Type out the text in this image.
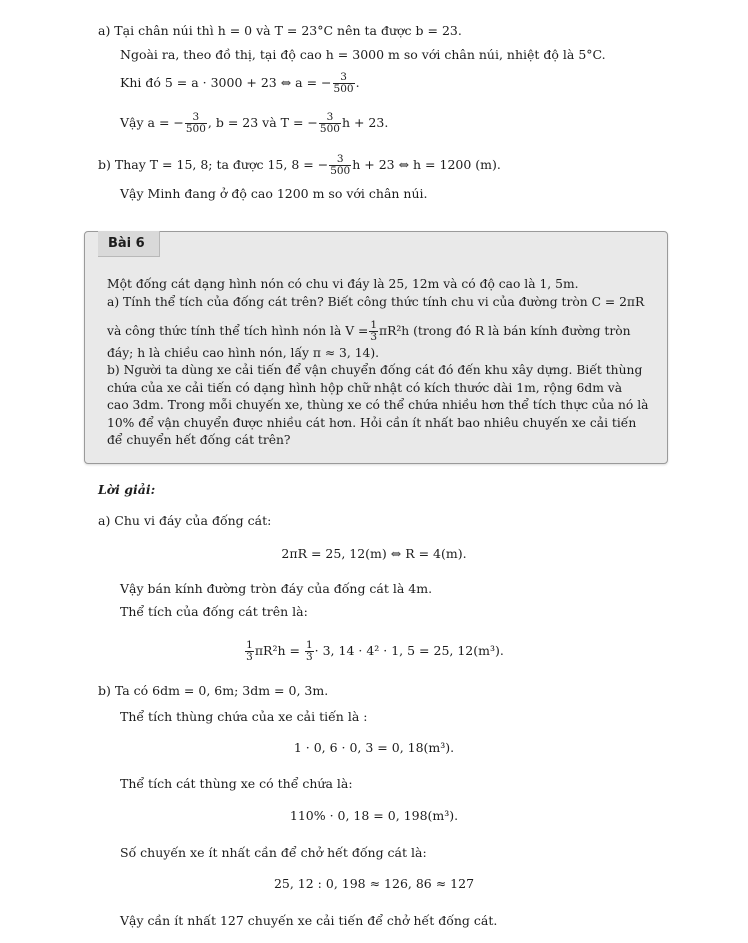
a) Tại chân núi thì h = 0 và T = 23°C nên ta được b = 23.
Ngoài ra, theo đồ thị, tại độ cao h = 3000 m so với chân núi, nhiệt độ là 5°C.
Khi đó 5 = a · 3000 + 23 ⇔ a = − $\frac{3}{500}$ .
Vậy a = − $\frac{3}{500}$ , b = 23 và T = − $\frac{3}{500}$ h + 23.
b) Thay T = 15, 8; ta được 15, 8 = − $\frac{3}{500}$ h + 23 ⇔ h = 1200 (m).
Vậy Minh đang ở độ cao 1200 m so với chân núi.
Một đống cát dạng hình nón có chu vi đáy là 25, 12m và có độ cao là 1, 5m.
a) Tính thể tích của đống cát trên? Biết công thức tính chu vi của đường tròn C = 2πR
và công thức tính thể tích hình nón là $V = \frac{1}{3} \pi R^2h$ (trong đó R là bán kính đường tròn
đáy; h là chiều cao hình nón, lấy π ≈ 3, 14).
b) Người ta dùng xe cải tiến để vận chuyển đống cát đó đến khu xây dựng. Biết thùng
chứa của xe cải tiến có dạng hình hộp chữ nhật có kích thước dài 1m, rộng 6dm và
cao 3dm. Trong mỗi chuyến xe, thùng xe có thể chứa nhiều hơn thể tích thực của nó là
10% để vận chuyển được nhiều cát hơn. Hỏi cần ít nhất bao nhiêu chuyến xe cải tiến
để chuyển hết đống cát trên?
Bài 6
Lời giải:
a) Chu vi đáy của đống cát:
2πR = 25, 12(m) ⇔ R = 4(m).
Vậy bán kính đường tròn đáy của đống cát là 4m.
Thể tích của đống cát trên là:
$\frac{1}{3} \pi R^2h = \frac{1}{3} \cdot 3$, 14 · 4² · 1, 5 = 25, 12(m³).
b) Ta có 6dm = 0, 6m; 3dm = 0, 3m.
Thể tích thùng chứa của xe cải tiến là :
1 · 0, 6 · 0, 3 = 0, 18(m³).
Thể tích cát thùng xe có thể chứa là:
110% · 0, 18 = 0, 198(m³).
Số chuyến xe ít nhất cần để chở hết đống cát là:
25, 12 : 0, 198 ≈ 126, 86 ≈ 127
Vậy cần ít nhất 127 chuyến xe cải tiến để chở hết đống cát.
